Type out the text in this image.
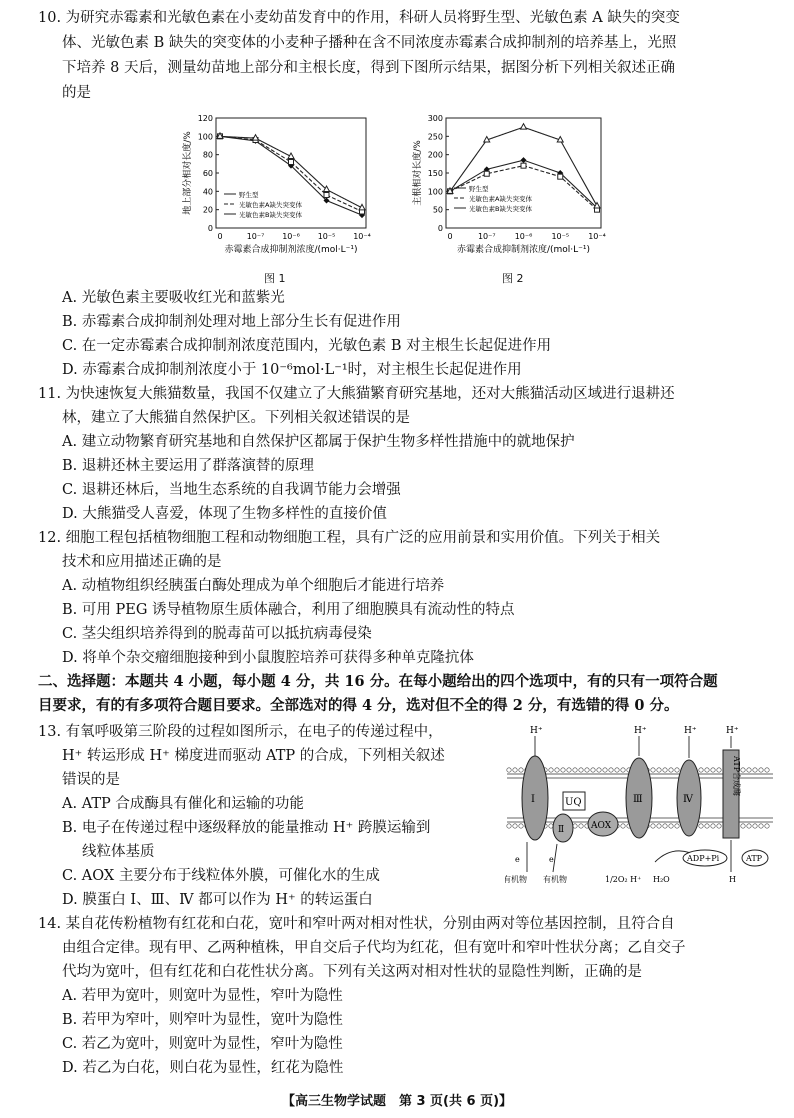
10. 为研究赤霉素和光敏色素在小麦幼苗发育中的作用，科研人员将野生型、光敏色素 A 缺失的突变
体、光敏色素 B 缺失的突变体的小麦种子播种在含不同浓度赤霉素合成抑制剂的培养基上，光照
下培养 8 天后，测量幼苗地上部分和主根长度，得到下图所示结果，据图分析下列相关叙述正确
的是
0
20
40
60
80
100
120
0	10⁻⁷ 10⁻⁶ 10⁻⁵ 10⁻⁴
赤霉素合成抑制剂浓度/(mol·L⁻¹)
地上部分相对长度/%	野生型
光敏色素A缺失突变体
光敏色素B缺失突变体
图 1
0
50
100
150
200
250
300
0	10⁻⁷ 10⁻⁶ 10⁻⁵ 10⁻⁴
赤霉素合成抑制剂浓度/(mol·L⁻¹)
主根相对长度/%	野生型
光敏色素A缺失突变体
光敏色素B缺失突变体
图 2
A. 光敏色素主要吸收红光和蓝紫光
B. 赤霉素合成抑制剂处理对地上部分生长有促进作用
C. 在一定赤霉素合成抑制剂浓度范围内，光敏色素 B 对主根生长起促进作用
D. 赤霉素合成抑制剂浓度小于 10⁻⁶mol·L⁻¹时，对主根生长起促进作用
11. 为快速恢复大熊猫数量，我国不仅建立了大熊猫繁育研究基地，还对大熊猫活动区域进行退耕还
林，建立了大熊猫自然保护区。下列相关叙述错误的是
A. 建立动物繁育研究基地和自然保护区都属于保护生物多样性措施中的就地保护
B. 退耕还林主要运用了群落演替的原理
C. 退耕还林后，当地生态系统的自我调节能力会增强
D. 大熊猫受人喜爱，体现了生物多样性的直接价值
12. 细胞工程包括植物细胞工程和动物细胞工程，具有广泛的应用前景和实用价值。下列关于相关
技术和应用描述正确的是
A. 动植物组织经胰蛋白酶处理成为单个细胞后才能进行培养
B. 可用 PEG 诱导植物原生质体融合，利用了细胞膜具有流动性的特点
C. 茎尖组织培养得到的脱毒苗可以抵抗病毒侵染
D. 将单个杂交瘤细胞接种到小鼠腹腔培养可获得多种单克隆抗体
二、选择题：本题共 4 小题，每小题 4 分，共 16 分。在每小题给出的四个选项中，有的只有一项符合题
目要求，有的有多项符合题目要求。全部选对的得 4 分，选对但不全的得 2 分，有选错的得 0 分。
13. 有氧呼吸第三阶段的过程如图所示，在电子的传递过程中，
H⁺ 转运形成 H⁺ 梯度进而驱动 ATP 的合成，下列相关叙述
错误的是
A. ATP 合成酶具有催化和运输的功能
B. 电子在传递过程中逐级释放的能量推动 H⁺ 跨膜运输到
线粒体基质
C. AOX 主要分布于线粒体外膜，可催化水的生成
D. 膜蛋白 Ⅰ、Ⅲ、Ⅳ 都可以作为 H⁺ 的转运蛋白
Ⅰ	UQ
Ⅱ	AOX
Ⅲ	Ⅳ
ATP合成酶
H⁺	H⁺	H⁺	H⁺
e	e
有机物 有机物	1/2O₂ H⁺ H₂O	H
ADP+Pi	ATP
14. 某自花传粉植物有红花和白花，宽叶和窄叶两对相对性状，分别由两对等位基因控制，且符合自
由组合定律。现有甲、乙两种植株，甲自交后子代均为红花，但有宽叶和窄叶性状分离；乙自交子
代均为宽叶，但有红花和白花性状分离。下列有关这两对相对性状的显隐性判断，正确的是
A. 若甲为宽叶，则宽叶为显性，窄叶为隐性
B. 若甲为窄叶，则窄叶为显性，宽叶为隐性
C. 若乙为宽叶，则宽叶为显性，窄叶为隐性
D. 若乙为白花，则白花为显性，红花为隐性
【高三生物学试题　第 3 页(共 6 页)】
